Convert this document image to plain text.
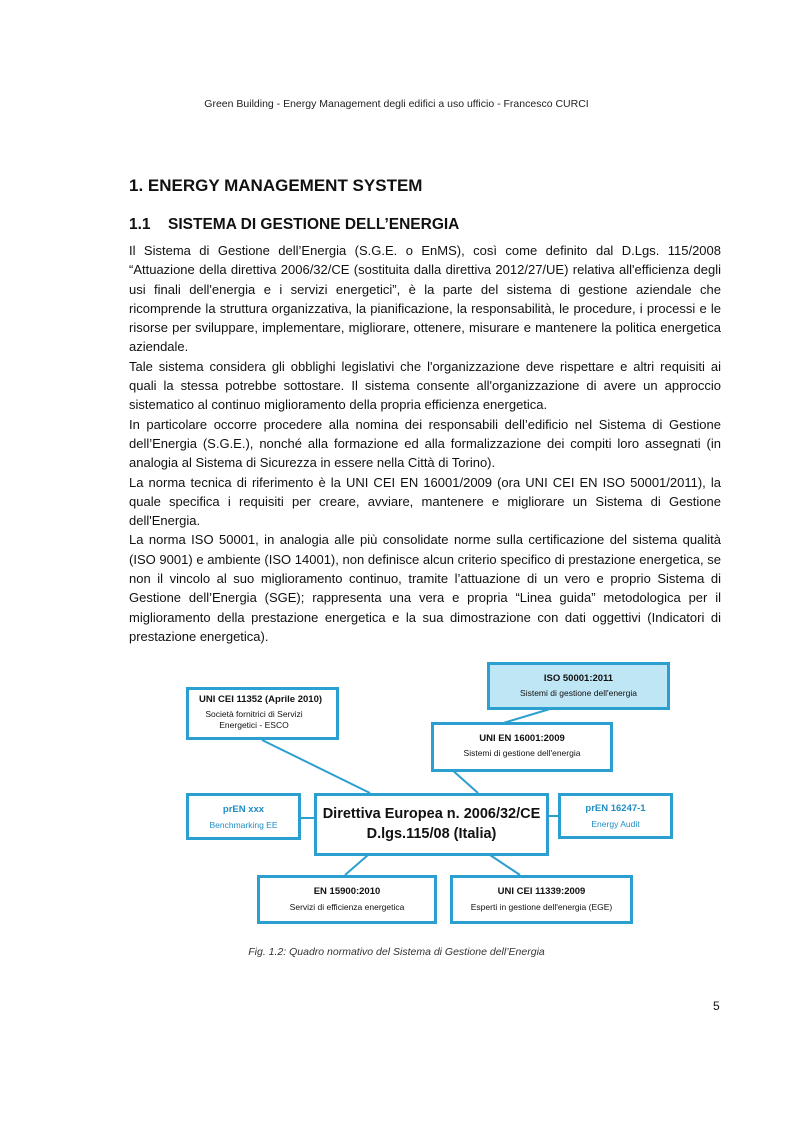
Green Building - Energy Management degli edifici a uso ufficio - Francesco CURCI
1. ENERGY MANAGEMENT SYSTEM
1.1 SISTEMA DI GESTIONE DELL’ENERGIA

Il Sistema di Gestione dell’Energia (S.G.E. o EnMS), così come definito dal D.Lgs. 115/2008 “Attuazione della direttiva 2006/32/CE (sostituita dalla direttiva 2012/27/UE) relativa all'efficienza degli usi finali dell'energia e i servizi energetici”, è la parte del sistema di gestione aziendale che ricomprende la struttura organizzativa, la pianificazione, la responsabilità, le procedure, i processi e le risorse per sviluppare, implementare, migliorare, ottenere, misurare e mantenere la politica energetica aziendale.

Tale sistema considera gli obblighi legislativi che l'organizzazione deve rispettare e altri requisiti ai quali la stessa potrebbe sottostare. Il sistema consente all'organizzazione di avere un approccio sistematico al continuo miglioramento della propria efficienza energetica.

In particolare occorre procedere alla nomina dei responsabili dell’edificio nel Sistema di Gestione dell’Energia (S.G.E.), nonché alla formazione ed alla formalizzazione dei compiti loro assegnati (in analogia al Sistema di Sicurezza in essere nella Città di Torino).

La norma tecnica di riferimento è la UNI CEI EN 16001/2009 (ora UNI CEI EN ISO 50001/2011), la quale specifica i requisiti per creare, avviare, mantenere e migliorare un Sistema di Gestione dell'Energia.

La norma ISO 50001, in analogia alle più consolidate norme sulla certificazione del sistema qualità (ISO 9001) e ambiente (ISO 14001), non definisce alcun criterio specifico di prestazione energetica, se non il vincolo al suo miglioramento continuo, tramite l’attuazione di un vero e proprio Sistema di Gestione dell’Energia (SGE); rappresenta una vera e propria “Linea guida” metodologica per il miglioramento della prestazione energetica e la sua dimostrazione con dati oggettivi (Indicatori di prestazione energetica).

ISO 50001:2011
Sistemi di gestione dell'energia
UNI CEI 11352 (Aprile 2010)
Società fornitrici di Servizi Energetici - ESCO
UNI EN 16001:2009
Sistemi di gestione dell'energia
prEN xxx
Benchmarking EE
Direttiva Europea n. 2006/32/CE
D.lgs.115/08 (Italia)
prEN 16247-1
Energy Audit
EN 15900:2010
Servizi di efficienza energetica
UNI CEI 11339:2009
Esperti in gestione dell'energia (EGE)
Fig. 1.2: Quadro normativo del Sistema di Gestione dell’Energia
5
